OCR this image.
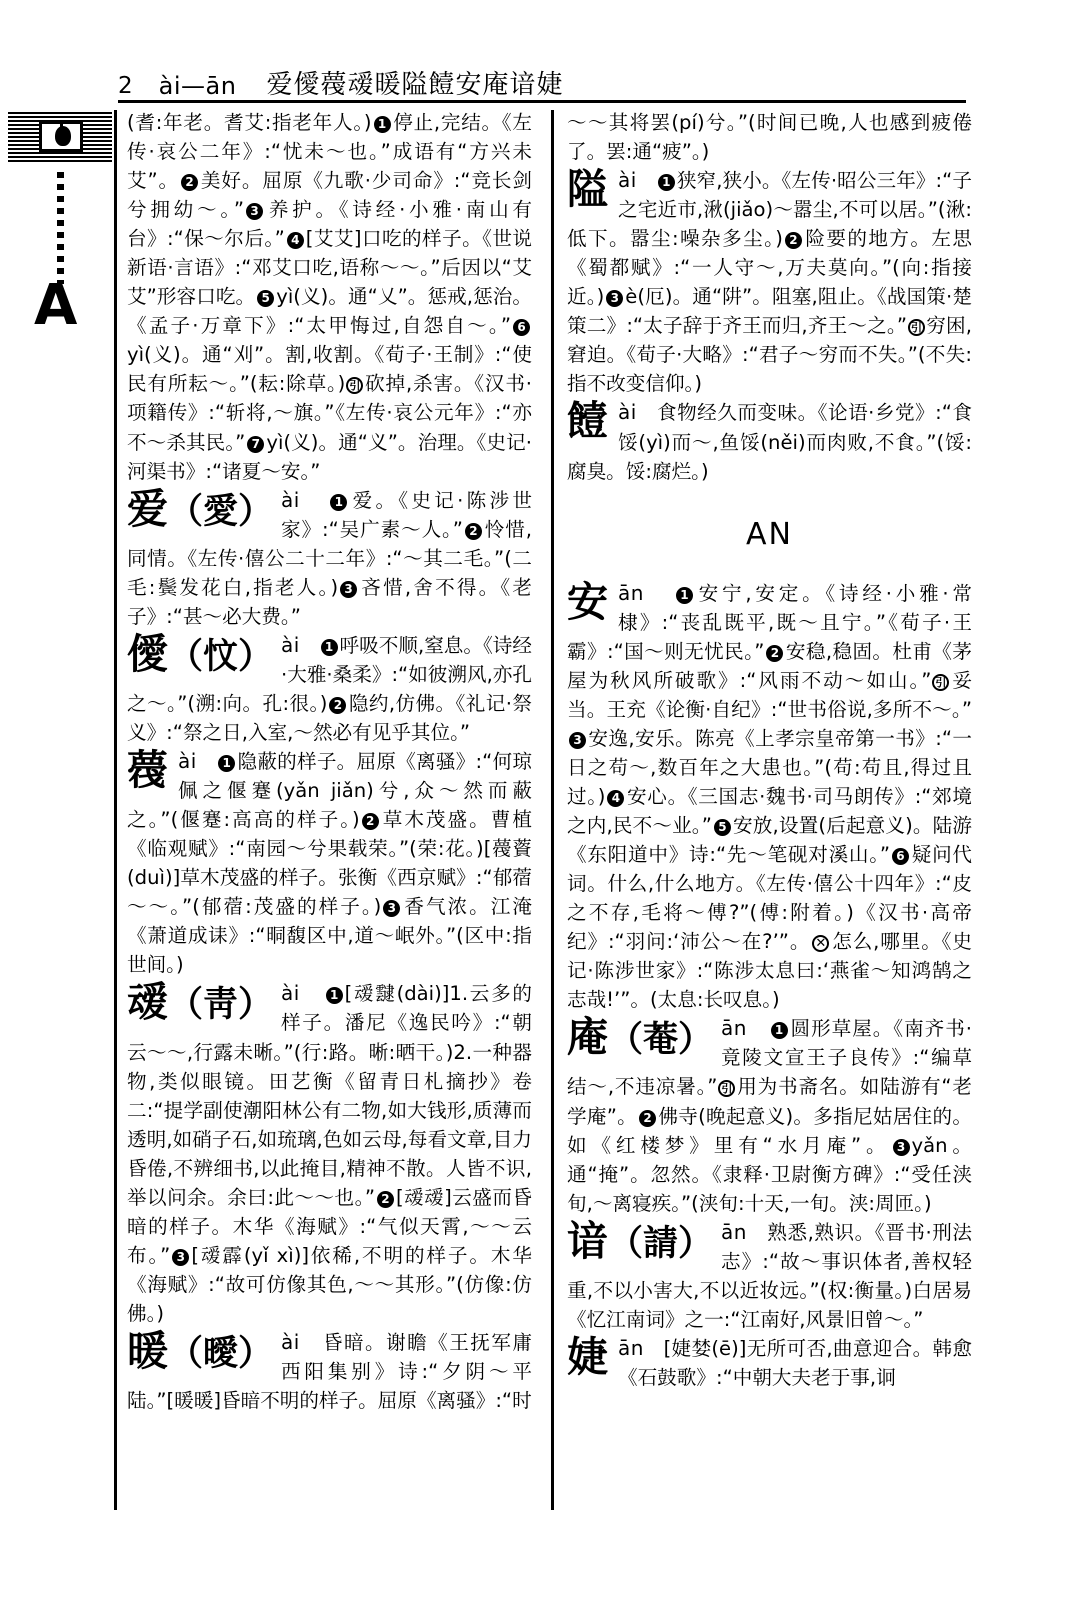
2 ài—ān 爱僾薎叆暖隘饐安庵谙婕
A
(耆:年老。耆艾:指老年人。) 1 停止,完结。《左传·哀公二年》:“忧未～也。”成语有“方兴未艾”。 2 美好。屈原《九歌·少司命》:“竞长剑兮拥幼～。” 3 养护。《诗经·小雅·南山有台》:“保～尔后。” 4 [艾艾]口吃的样子。《世说新语·言语》:“邓艾口吃,语称～～。”后因以“艾艾”形容口吃。 5 yì(义)。通“乂”。惩戒,惩治。《孟子·万章下》:“太甲悔过,自怨自～。” 6yì(义)。通“刈”。割,收割。《荀子·王制》:“使民有所耘～。”(耘:除草。) 引 砍掉,杀害。《汉书·项籍传》:“斩将,～旗。”《左传·哀公元年》:“亦不～杀其民。” 7 yì(义)。通“义”。治理。《史记·河渠书》:“诸夏～安。”
爱（愛） ài	1 爱。《史记·陈涉世家》:“吴广素～人。” 2 怜惜,同情。《左传·僖公二十二年》:“～其二毛。”(二毛:鬓发花白,指老人。) 3 吝惜,舍不得。《老子》:“甚～必大费。”
僾（忟） ài 1 呼吸不顺,窒息。《诗经·大雅·桑柔》:“如彼溯风,亦孔之～。”(溯:向。孔:很。) 2 隐约,仿佛。《礼记·祭义》:“祭之日,入室,～然必有见乎其位。”
薎ài 1 隐蔽的样子。屈原《离骚》:“何琼佩之偃蹇(yǎn jiǎn)兮,众～然而蔽之。”(偃蹇:高高的样子。) 2 草木茂盛。曹植《临观赋》:“南园～兮果载荣。”(荣:花。)[薎薋(duì)]草木茂盛的样子。张衡《西京赋》:“郁蓿～～。”(郁蓿:茂盛的样子。) 3 香气浓。江淹《萧道成诔》:“晍馥区中,道～岷外。”(区中:指世间。)
叆（靑） ài	1 [叆靆(dài)]1.云多的样子。潘尼《逸民吟》:“朝云～～,行露未晰。”(行:路。晰:晒干。)2.一种器物,类似眼镜。田艺衡《留青日札摘抄》卷二:“提学副使潮阳林公有二物,如大钱形,质薄而透明,如硝子石,如琉璃,色如云母,每看文章,目力昏倦,不辨细书,以此掩目,精神不散。人皆不识,举以问余。余曰:此～～也。” 2 [叆叆]云盛而昏暗的样子。木华《海赋》:“气似天霄,～～云布。” 3 [叆霹(yǐ xì)]依稀,不明的样子。木华《海赋》:“故可仿像其色,～～其形。”(仿像:仿佛。)
暖（曖） ài 昏暗。谢瞻《王抚军庸西阳集别》诗:“夕阴～平陆。”[暖暖]昏暗不明的样子。屈原《离骚》:“时
～～其将罢(pí)兮。”(时间已晚,人也感到疲倦了。罢:通“疲”。)
隘ài 1 狭窄,狭小。《左传·昭公三年》:“子之宅近市,湫(jiǎo)～嚣尘,不可以居。”(湫:低下。嚣尘:噪杂多尘。) 2 险要的地方。左思《蜀都赋》:“一人守～,万夫莫向。”(向:指接近。) 3 è(厄)。通“阱”。阻塞,阻止。《战国策·楚策二》:“太子辞于齐王而归,齐王～之。” 引 穷困,窘迫。《荀子·大略》:“君子～穷而不失。”(不失:指不改变信仰。)
饐ài 食物经久而变味。《论语·乡党》:“食馁(yì)而～,鱼馁(něi)而肉败,不食。”(馁:腐臭。馁:腐烂。)
AN
安ān	1 安宁,安定。《诗经·小雅·常棣》:“丧乱既平,既～且宁。”《荀子·王霸》:“国～则无忧民。” 2 安稳,稳固。杜甫《茅屋为秋风所破歌》:“风雨不动～如山。” 引 妥当。王充《论衡·自纪》:“世书俗说,多所不～。”3 安逸,安乐。陈亮《上孝宗皇帝第一书》:“一日之苟～,数百年之大患也。”(苟:苟且,得过且过。) 4 安心。《三国志·魏书·司马朗传》:“郊境之内,民不～业。” 5 安放,设置(后起意义)。陆游《东阳道中》诗:“先～笔砚对溪山。” 6 疑问代词。什么,什么地方。《左传·僖公十四年》:“皮之不存,毛将～傅?”(傅:附着。)《汉书·高帝纪》:“羽问:‘沛公～在?’”。 ✕ 怎么,哪里。《史记·陈涉世家》:“陈涉太息曰:‘燕雀～知鸿鹄之志哉!’”。(太息:长叹息。)
庵（菴） ān 1 圆形草屋。《南齐书·竟陵文宣王子良传》:“编草结～,不违凉暑。” 引 用为书斋名。如陆游有“老学庵”。 2 佛寺(晚起意义)。多指尼姑居住的。如《红楼梦》里有“水月庵”。 3 yǎn。通“掩”。忽然。《隶释·卫尉衡方碑》:“受任浃旬,～离寝疾。”(浃旬:十天,一旬。浃:周匝。)
谙（請） ān 熟悉,熟识。《晋书·刑法志》:“故～事识体者,善权轻重,不以小害大,不以近妆远。”(权:衡量。)白居易《忆江南词》之一:“江南好,风景旧曾～。”
婕ān [婕婪(ē)]无所可否,曲意迎合。韩愈《石鼓歌》:“中朝大夫老于事,诇
